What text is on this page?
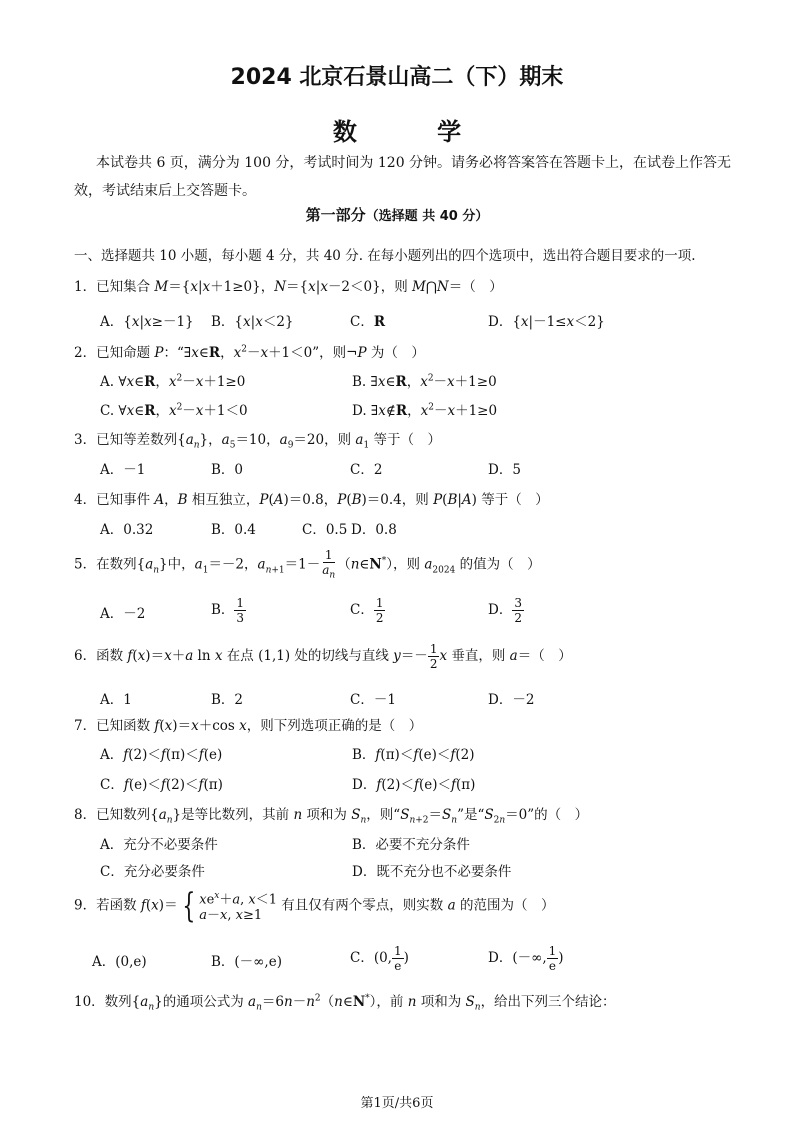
2024 北京石景山高二（下）期末
数 学
本试卷共 6 页，满分为 100 分，考试时间为 120 分钟。请务必将答案答在答题卡上，在试卷上作答无
效，考试结束后上交答题卡。
第一部分（选择题 共 40 分）
一、选择题共 10 小题，每小题 4 分，共 40 分. 在每小题列出的四个选项中，选出符合题目要求的一项.
1．已知集合 M＝{x|x＋1≥0}，N＝{x|x－2＜0}，则 M⋂N＝（　）
A．{x|x≥－1} B．{x|x＜2}	C．R	D．{x|－1≤x＜2}
2．已知命题 P：“∃x∈R，$x^2-x+1<0$”，则¬P 为（　）
A. ∀x∈R，$x^2-x+1\ge 0$	B. ∃x∈R，$x^2-x+1\ge 0$
C. ∀x∈R，$x^2-x+1<0$	D. ∃x∉R，$x^2-x+1\ge 0$
3．已知等差数列$\{a_n\}$，$a_5=10$，$a_9=20$，则 $a_1$ 等于（　）
A．－1	B．0	C．2	D．5
4．已知事件 A，B 相互独立，P(A)＝0.8，P(B)＝0.4，则 P(B|A) 等于（　）
A．0.32	B．0.4	C．0.5 D．0.8
5．在数列$\{a_n\}$中，$a_1=-2$，$a_{n+1}=1- \frac{1}{a_n}$ （n∈N*），则 $a_{2024}$ 的值为（　）
A．－2	B． $\frac{1}{3}$	C． $\frac{1}{2}$	D． $\frac{3}{2}$
6．函数 f(x)＝x＋a ln x 在点 (1,1) 处的切线与直线 $y=- \frac{1}{2}$ x 垂直，则 a＝（　）
A．1	B．2	C．－1	D．－2
7．已知函数 f(x)＝x＋cos x，则下列选项正确的是（　）
A．f(2)＜f(π)＜f(e)	B．f(π)＜f(e)＜f(2)
C．f(e)＜f(2)＜f(π)	D．f(2)＜f(e)＜f(π)
8．已知数列$\{a_n\}$是等比数列，其前 n 项和为 $S_n$，则“$S_{n+2}=S_n$”是“$S_{2n}=0$”的（　）
A．充分不必要条件	B．必要不充分条件
C．充分必要条件	D．既不充分也不必要条件
9．若函数 f(x)＝ { $xe^x+a$, x＜1
a－x, x≥1
有且仅有两个零点，则实数 a 的范围为（　）
A．(0,e)	B．(－∞,e)	C．(0, $\frac{1}{e}$ )	D．(－∞, $\frac{1}{e}$ )
10．数列$\{a_n\}$的通项公式为 $a_n=6n-n^2(n\in N^*)$，前 n 项和为 $S_n$，给出下列三个结论：
第1页/共6页
